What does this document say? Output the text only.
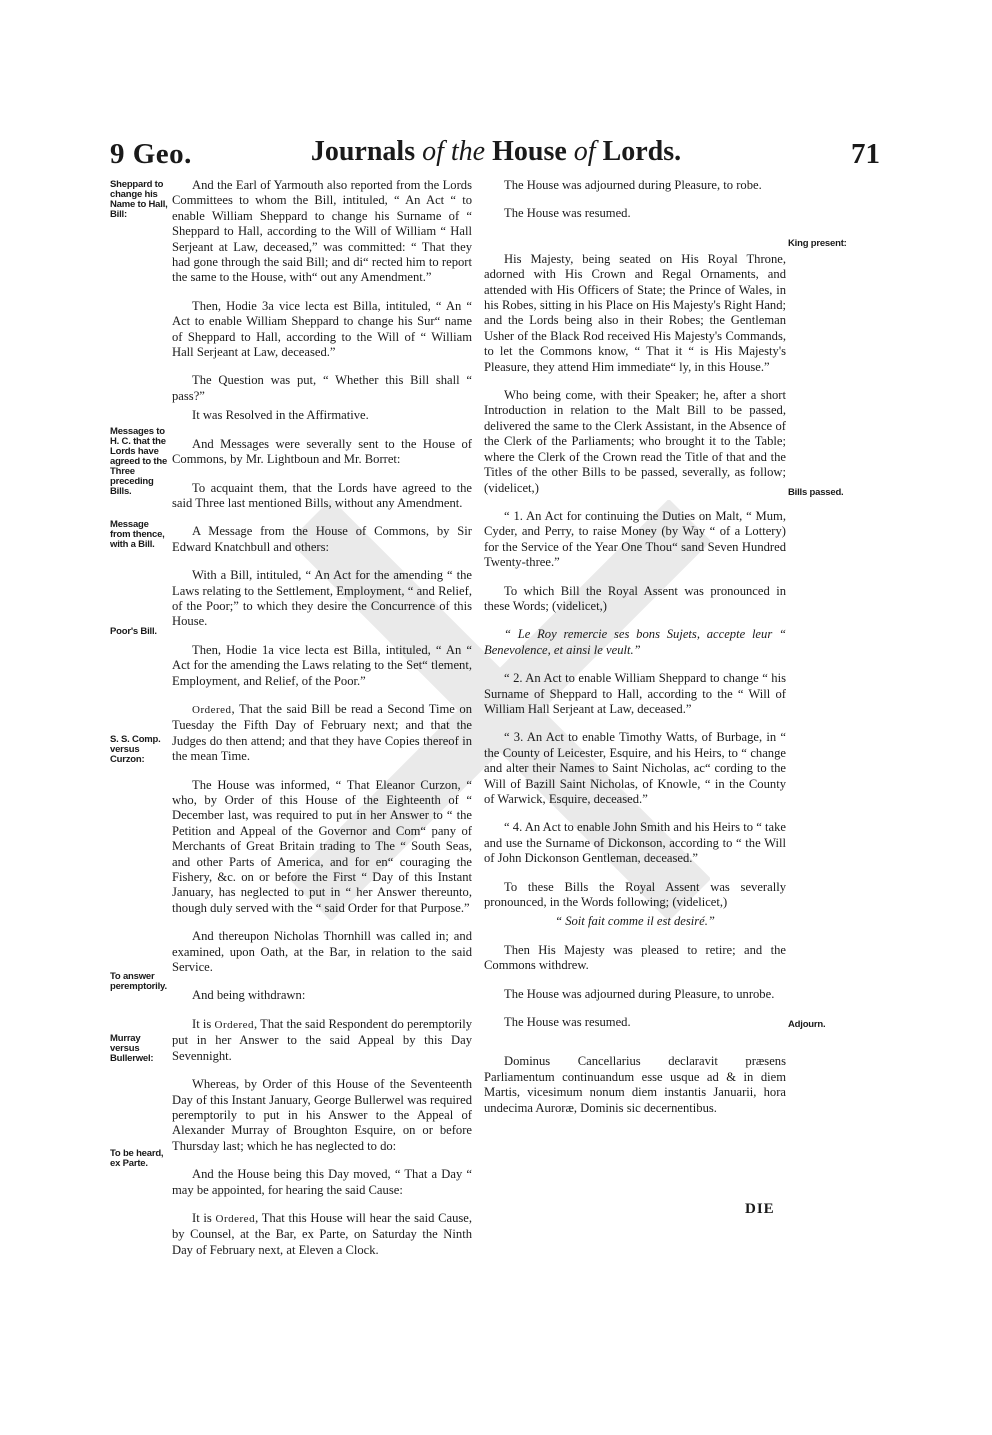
9 Geo.	Journals of the House of Lords.	71
Sheppard to change his Name to Hall, Bill:
Messages to H. C. that the Lords have agreed to the Three preceding Bills.
Message from thence, with a Bill.
Poor's Bill.
S. S. Comp. versus Curzon:
To answer peremptorily.
Murray versus Bullerwel:
To be heard, ex Parte.
King present:
Bills passed.
Adjourn.

And the Earl of Yarmouth also reported from the Lords Committees to whom the Bill, intituled, “ An Act “ to enable William Sheppard to change his Surname of “ Sheppard to Hall, according to the Will of William “ Hall Serjeant at Law, deceased,” was committed: “ That they had gone through the said Bill; and di“ rected him to report the same to the House, with“ out any Amendment.”

Then, Hodie 3a vice lecta est Billa, intituled, “ An “ Act to enable William Sheppard to change his Sur“ name of Sheppard to Hall, according to the Will of “ William Hall Serjeant at Law, deceased.”

The Question was put, “ Whether this Bill shall “ pass?”

It was Resolved in the Affirmative.

And Messages were severally sent to the House of Commons, by Mr. Lightboun and Mr. Borret:

To acquaint them, that the Lords have agreed to the said Three last mentioned Bills, without any Amendment.

A Message from the House of Commons, by Sir Edward Knatchbull and others:

With a Bill, intituled, “ An Act for the amending “ the Laws relating to the Settlement, Employment, “ and Relief, of the Poor;” to which they desire the Concurrence of this House.

Then, Hodie 1a vice lecta est Billa, intituled, “ An “ Act for the amending the Laws relating to the Set“ tlement, Employment, and Relief, of the Poor.”

Ordered, That the said Bill be read a Second Time on Tuesday the Fifth Day of February next; and that the Judges do then attend; and that they have Copies thereof in the mean Time.

The House was informed, “ That Eleanor Curzon, “ who, by Order of this House of the Eighteenth of “ December last, was required to put in her Answer to “ the Petition and Appeal of the Governor and Com“ pany of Merchants of Great Britain trading to The “ South Seas, and other Parts of America, and for en“ couraging the Fishery, &c. on or before the First “ Day of this Instant January, has neglected to put in “ her Answer thereunto, though duly served with the “ said Order for that Purpose.”

And thereupon Nicholas Thornhill was called in; and examined, upon Oath, at the Bar, in relation to the said Service.

And being withdrawn:

It is Ordered, That the said Respondent do peremptorily put in her Answer to the said Appeal by this Day Sevennight.

Whereas, by Order of this House of the Seventeenth Day of this Instant January, George Bullerwel was required peremptorily to put in his Answer to the Appeal of Alexander Murray of Broughton Esquire, on or before Thursday last; which he has neglected to do:

And the House being this Day moved, “ That a Day “ may be appointed, for hearing the said Cause:

It is Ordered, That this House will hear the said Cause, by Counsel, at the Bar, ex Parte, on Saturday the Ninth Day of February next, at Eleven a Clock.

The House was adjourned during Pleasure, to robe.

The House was resumed.

His Majesty, being seated on His Royal Throne, adorned with His Crown and Regal Ornaments, and attended with His Officers of State; the Prince of Wales, in his Robes, sitting in his Place on His Majesty's Right Hand; and the Lords being also in their Robes; the Gentleman Usher of the Black Rod received His Majesty's Commands, to let the Commons know, “ That it “ is His Majesty's Pleasure, they attend Him immediate“ ly, in this House.”

Who being come, with their Speaker; he, after a short Introduction in relation to the Malt Bill to be passed, delivered the same to the Clerk Assistant, in the Absence of the Clerk of the Parliaments; who brought it to the Table; where the Clerk of the Crown read the Title of that and the Titles of the other Bills to be passed, severally, as follow; (videlicet,)

“ 1. An Act for continuing the Duties on Malt, “ Mum, Cyder, and Perry, to raise Money (by Way “ of a Lottery) for the Service of the Year One Thou“ sand Seven Hundred Twenty-three.”

To which Bill the Royal Assent was pronounced in these Words; (videlicet,)

“ Le Roy remercie ses bons Sujets, accepte leur “ Benevolence, et ainsi le veult.”

“ 2. An Act to enable William Sheppard to change “ his Surname of Sheppard to Hall, according to the “ Will of William Hall Serjeant at Law, deceased.”

“ 3. An Act to enable Timothy Watts, of Burbage, in “ the County of Leicester, Esquire, and his Heirs, to “ change and alter their Names to Saint Nicholas, ac“ cording to the Will of Bazill Saint Nicholas, of Knowle, “ in the County of Warwick, Esquire, deceased.”

“ 4. An Act to enable John Smith and his Heirs to “ take and use the Surname of Dickonson, according to “ the Will of John Dickonson Gentleman, deceased.”

To these Bills the Royal Assent was severally pronounced, in the Words following; (videlicet,)

“ Soit fait comme il est desiré.”

Then His Majesty was pleased to retire; and the Commons withdrew.

The House was adjourned during Pleasure, to unrobe.

The House was resumed.

Dominus Cancellarius declaravit præsens Parliamentum continuandum esse usque ad & in diem Martis, vicesimum nonum diem instantis Januarii, hora undecima Auroræ, Dominis sic decernentibus.

DIE
